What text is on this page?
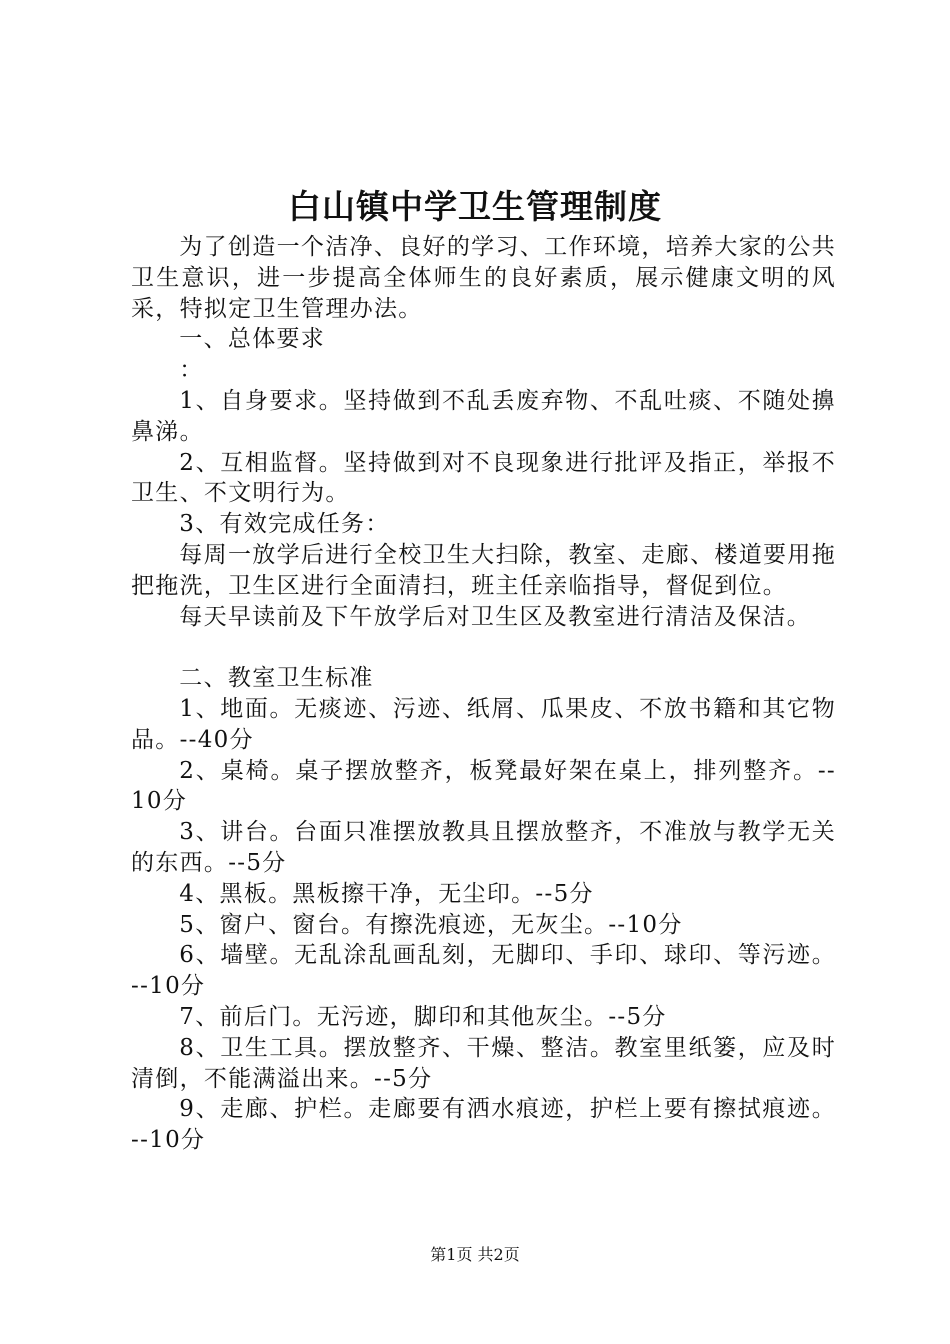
白山镇中学卫生管理制度

为了创造一个洁净、良好的学习、工作环境，培养大家的公共卫生意识，进一步提高全体师生的良好素质，展示健康文明的风采，特拟定卫生管理办法。

一、总体要求

：

1、自身要求。坚持做到不乱丢废弃物、不乱吐痰、不随处擤鼻涕。

2、互相监督。坚持做到对不良现象进行批评及指正，举报不卫生、不文明行为。

3、有效完成任务：

每周一放学后进行全校卫生大扫除，教室、走廊、楼道要用拖把拖洗，卫生区进行全面清扫，班主任亲临指导，督促到位。

每天早读前及下午放学后对卫生区及教室进行清洁及保洁。

二、教室卫生标准

1、地面。无痰迹、污迹、纸屑、瓜果皮、不放书籍和其它物品。--40分

2、桌椅。桌子摆放整齐，板凳最好架在桌上，排列整齐。--10分

3、讲台。台面只准摆放教具且摆放整齐，不准放与教学无关的东西。--5分

4、黑板。黑板擦干净，无尘印。--5分

5、窗户、窗台。有擦洗痕迹，无灰尘。--10分

6、墙壁。无乱涂乱画乱刻，无脚印、手印、球印、等污迹。--10分

7、前后门。无污迹，脚印和其他灰尘。--5分

8、卫生工具。摆放整齐、干燥、整洁。教室里纸篓，应及时清倒，不能满溢出来。--5分

9、走廊、护栏。走廊要有洒水痕迹，护栏上要有擦拭痕迹。--10分

第1页 共2页
